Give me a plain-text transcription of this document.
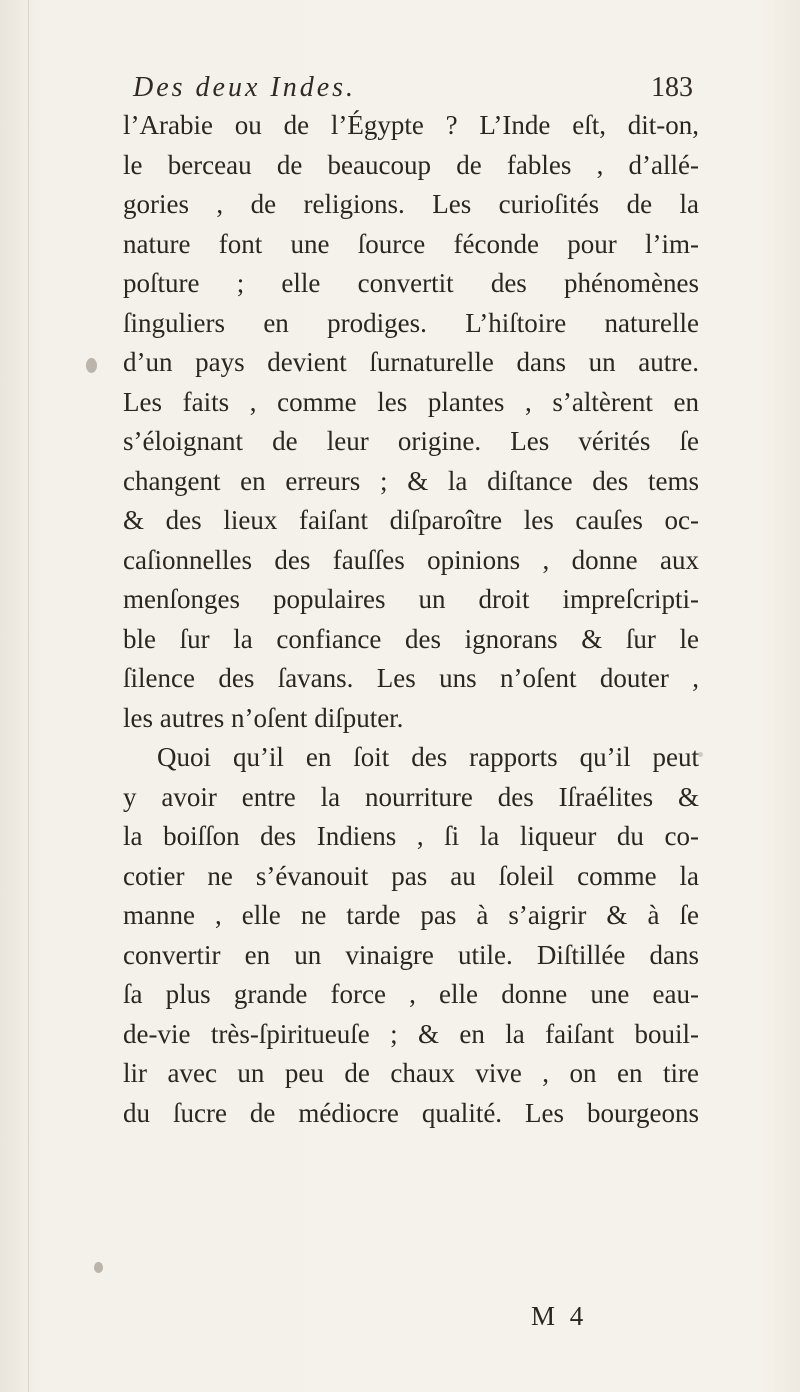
Des deux Indes.	183
l’Arabie ou de l’Égypte ? L’Inde eſt, dit-on,
le berceau de beaucoup de fables , d’allé-
gories , de religions. Les curioſités de la
nature font une ſource féconde pour l’im-
poſture ; elle convertit des phénomènes
ſinguliers en prodiges. L’hiſtoire naturelle
d’un pays devient ſurnaturelle dans un autre.
Les faits , comme les plantes , s’altèrent en
s’éloignant de leur origine. Les vérités ſe
changent en erreurs ; & la diſtance des tems
& des lieux faiſant diſparoître les cauſes oc-
caſionnelles des fauſſes opinions , donne aux
menſonges populaires un droit impreſcripti-
ble ſur la confiance des ignorans & ſur le
ſilence des ſavans. Les uns n’oſent douter ,
les autres n’oſent diſputer.
Quoi qu’il en ſoit des rapports qu’il peut
y avoir entre la nourriture des Iſraélites &
la boiſſon des Indiens , ſi la liqueur du co-
cotier ne s’évanouit pas au ſoleil comme la
manne , elle ne tarde pas à s’aigrir & à ſe
convertir en un vinaigre utile. Diſtillée dans
ſa plus grande force , elle donne une eau-
de-vie très-ſpiritueuſe ; & en la faiſant bouil-
lir avec un peu de chaux vive , on en tire
du ſucre de médiocre qualité. Les bourgeons
M 4
